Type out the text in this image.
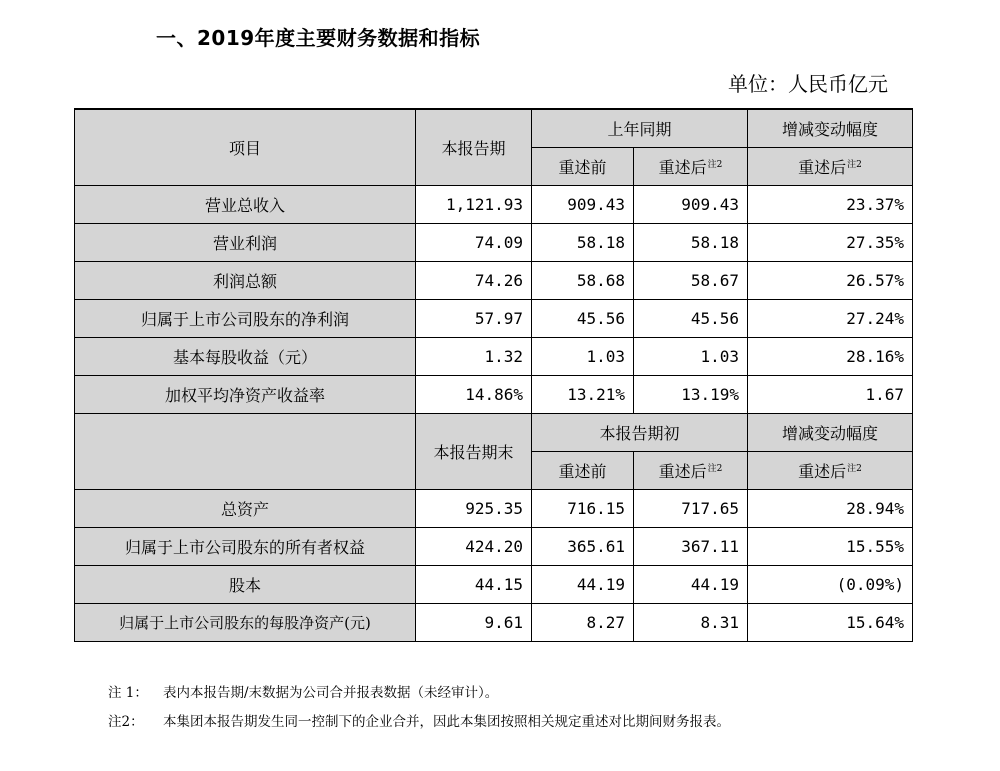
一、2019年度主要财务数据和指标
单位：人民币亿元
项目	本报告期	上年同期		增减变动幅度
		重述前	重述后$^{注2}$	重述后$^{注2}$
营业总收入	1,121.93	909.43	909.43	23.37%
营业利润	74.09	58.18	58.18	27.35%
利润总额	74.26	58.68	58.67	26.57%
归属于上市公司股东的净利润	57.97	45.56	45.56	27.24%
基本每股收益（元）	1.32	1.03	1.03	28.16%
加权平均净资产收益率	14.86%	13.21%	13.19%	1.67
	本报告期末	本报告期初		增减变动幅度
		重述前	重述后$^{注2}$	重述后$^{注2}$
总资产	925.35	716.15	717.65	28.94%
归属于上市公司股东的所有者权益	424.20	365.61	367.11	15.55%
股本	44.15	44.19	44.19	(0.09%)
归属于上市公司股东的每股净资产(元)	9.61	8.27	8.31	15.64%
注 1： 表内本报告期/末数据为公司合并报表数据（未经审计）。
注2： 本集团本报告期发生同一控制下的企业合并，因此本集团按照相关规定重述对比期间财务报表。
